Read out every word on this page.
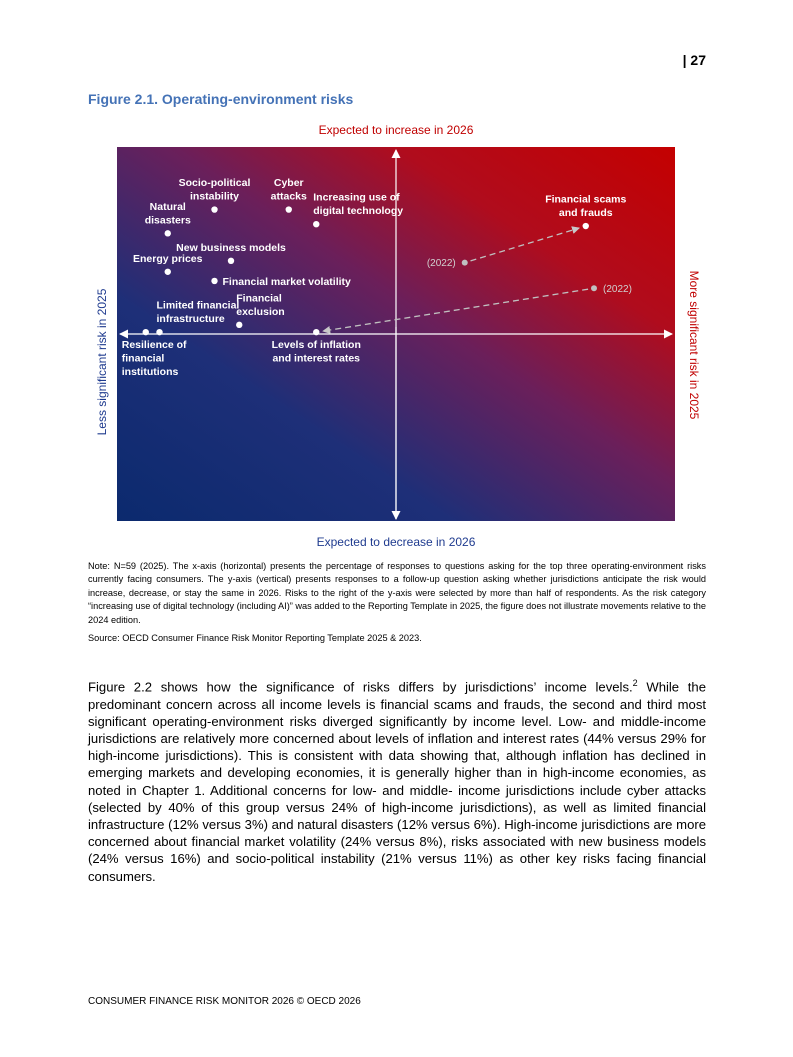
| 27
Figure 2.1. Operating-environment risks
Expected to increase in 2026
Less significant risk in 2025	More significant risk in 2025
Expected to decrease in 2026
(2022)
(2022)
Socio-political
instability
Cyber
attacks
Natural
disasters
Increasing use of
digital technology
Financial scams
and frauds
New business models
Energy prices
Financial market volatility
Limited financial
infrastructure
Financial
exclusion
Resilience of
financial
institutions
Levels of inflation
and interest rates
Note: N=59 (2025). The x-axis (horizontal) presents the percentage of responses to questions asking for the top three operating-environment risks currently facing consumers. The y-axis (vertical) presents responses to a follow-up question asking whether jurisdictions anticipate the risk would increase, decrease, or stay the same in 2026. Risks to the right of the y-axis were selected by more than half of respondents. As the risk category “increasing use of digital technology (including AI)” was added to the Reporting Template in 2025, the figure does not illustrate movements relative to the 2024 edition.
Source: OECD Consumer Finance Risk Monitor Reporting Template 2025 & 2023.
Figure 2.2 shows how the significance of risks differs by jurisdictions’ income levels.$^2$ While the predominant concern across all income levels is financial scams and frauds, the second and third most significant operating-environment risks diverged significantly by income level. Low- and middle-income jurisdictions are relatively more concerned about levels of inflation and interest rates (44% versus 29% for high-income jurisdictions). This is consistent with data showing that, although inflation has declined in emerging markets and developing economies, it is generally higher than in high-income economies, as noted in Chapter 1. Additional concerns for low- and middle- income jurisdictions include cyber attacks (selected by 40% of this group versus 24% of high-income jurisdictions), as well as limited financial infrastructure (12% versus 3%) and natural disasters (12% versus 6%). High-income jurisdictions are more concerned about financial market volatility (24% versus 8%), risks associated with new business models (24% versus 16%) and socio-political instability (21% versus 11%) as other key risks facing financial consumers.
CONSUMER FINANCE RISK MONITOR 2026 © OECD 2026
